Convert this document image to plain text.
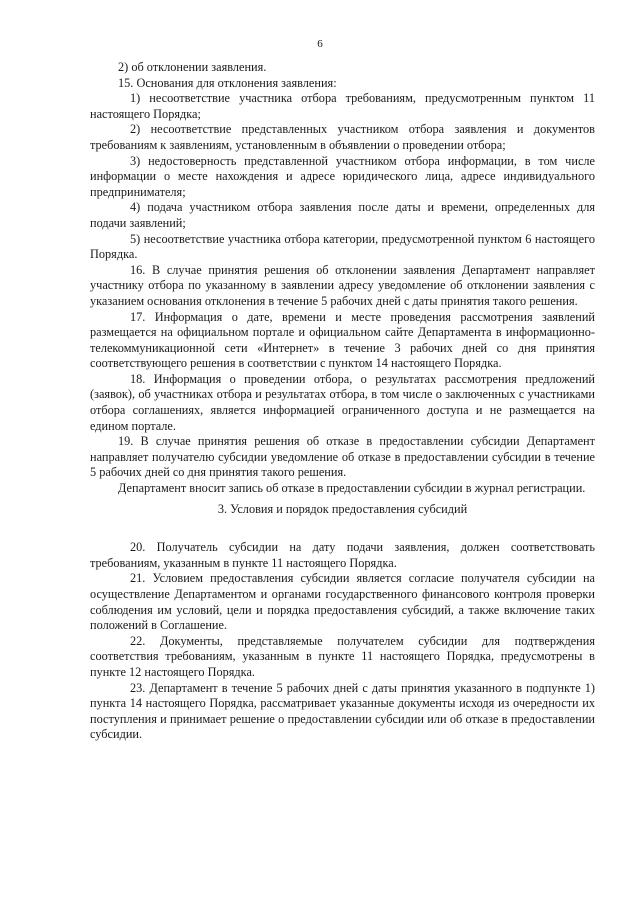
6

2) об отклонении заявления.

15. Основания для отклонения заявления:

1) несоответствие участника отбора требованиям, предусмотренным пунктом 11 настоящего Порядка;

2) несоответствие представленных участником отбора заявления и документов требованиям к заявлениям, установленным в объявлении о проведении отбора;

3) недостоверность представленной участником отбора информации, в том числе информации о месте нахождения и адресе юридического лица, адресе индивидуального предпринимателя;

4) подача участником отбора заявления после даты и времени, определенных для подачи заявлений;

5) несоответствие участника отбора категории, предусмотренной пунктом 6 настоящего Порядка.

16. В случае принятия решения об отклонении заявления Департамент направляет участнику отбора по указанному в заявлении адресу уведомление об отклонении заявления с указанием основания отклонения в течение 5 рабочих дней с даты принятия такого решения.

17. Информация о дате, времени и месте проведения рассмотрения заявлений размещается на официальном портале и официальном сайте Департамента в информационно-телекоммуникационной сети «Интернет» в течение 3 рабочих дней со дня принятия соответствующего решения в соответствии с пунктом 14 настоящего Порядка.

18. Информация о проведении отбора, о результатах рассмотрения предложений (заявок), об участниках отбора и результатах отбора, в том числе о заключенных с участниками отбора соглашениях, является информацией ограниченного доступа и не размещается на едином портале.

19. В случае принятия решения об отказе в предоставлении субсидии Департамент направляет получателю субсидии уведомление об отказе в предоставлении субсидии в течение 5 рабочих дней со дня принятия такого решения.

Департамент вносит запись об отказе в предоставлении субсидии в журнал регистрации.

3. Условия и порядок предоставления субсидий

20. Получатель субсидии на дату подачи заявления, должен соответствовать требованиям, указанным в пункте 11 настоящего Порядка.

21. Условием предоставления субсидии является согласие получателя субсидии на осуществление Департаментом и органами государственного финансового контроля проверки соблюдения им условий, цели и порядка предоставления субсидий, а также включение таких положений в Соглашение.

22. Документы, представляемые получателем субсидии для подтверждения соответствия требованиям, указанным в пункте 11 настоящего Порядка, предусмотрены в пункте 12 настоящего Порядка.

23. Департамент в течение 5 рабочих дней с даты принятия указанного в подпункте 1) пункта 14 настоящего Порядка, рассматривает указанные документы исходя из очередности их поступления и принимает решение о предоставлении субсидии или об отказе в предоставлении субсидии.
